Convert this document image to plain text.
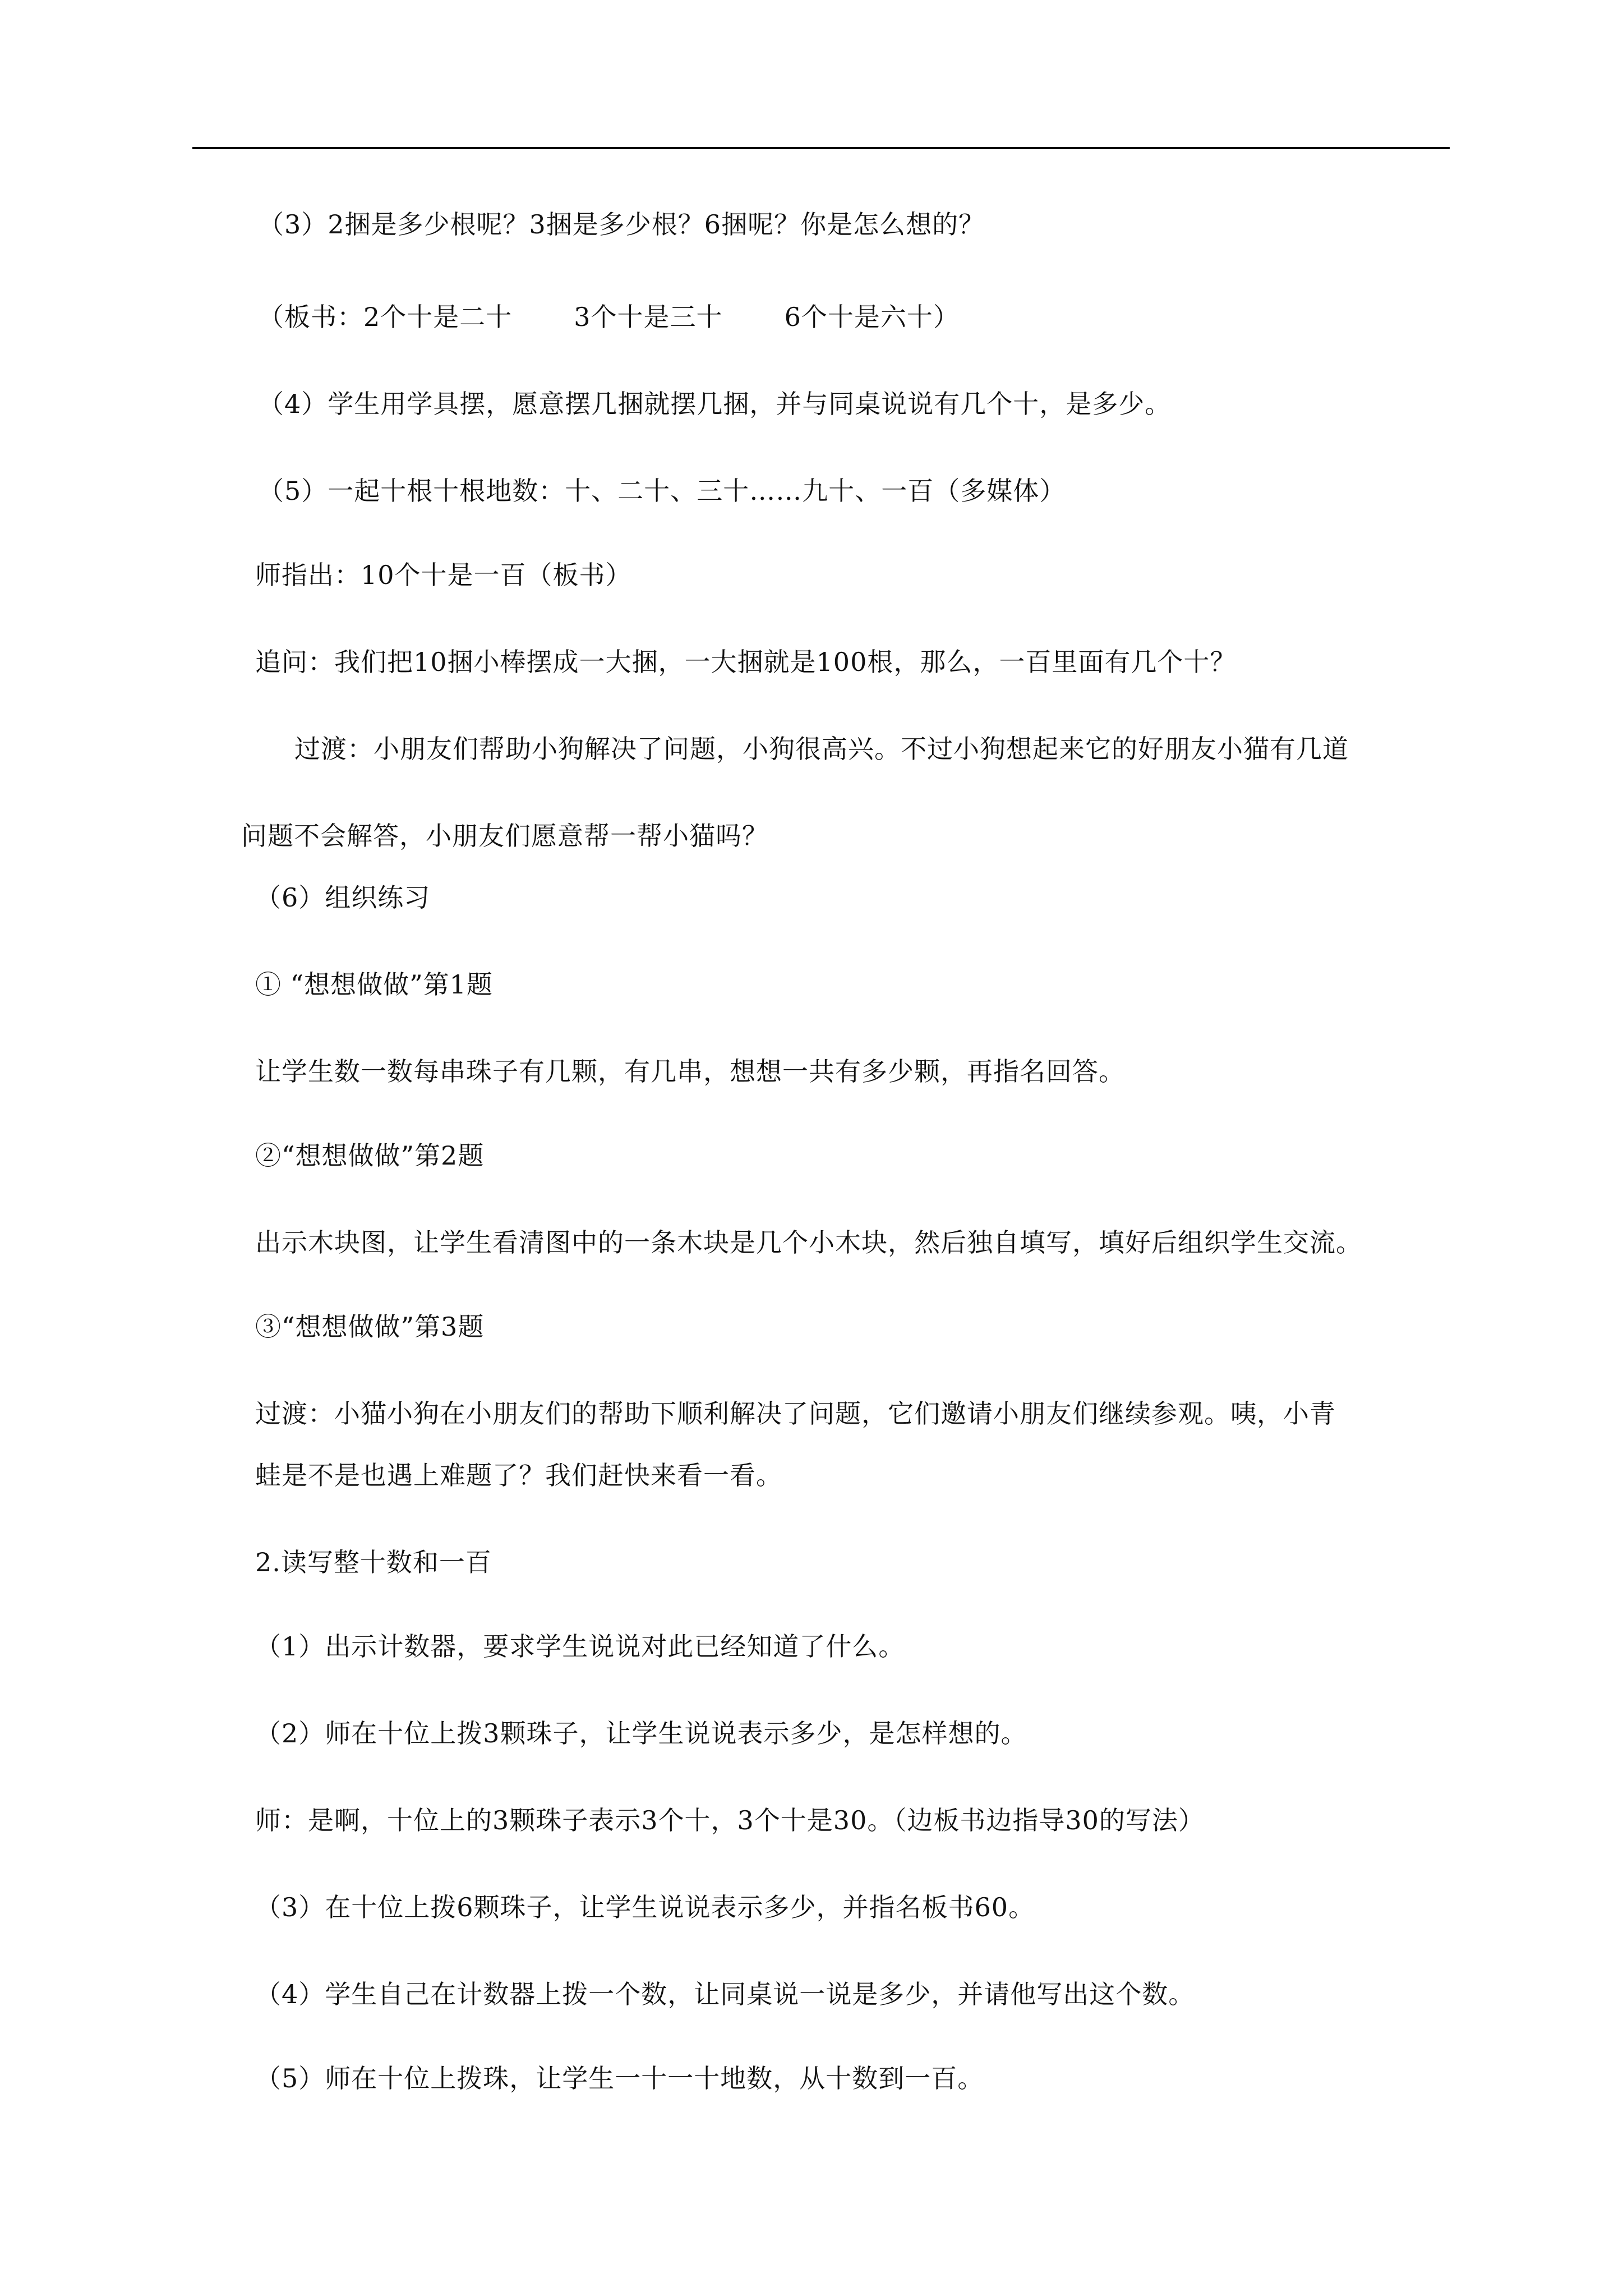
（3）2捆是多少根呢？3捆是多少根？6捆呢？你是怎么想的？
（板书：2个十是二十 3个十是三十 6个十是六十）
（4）学生用学具摆，愿意摆几捆就摆几捆，并与同桌说说有几个十，是多少。
（5）一起十根十根地数：十、二十、三十……九十、一百（多媒体）
师指出：10个十是一百（板书）
追问：我们把10捆小棒摆成一大捆，一大捆就是100根，那么，一百里面有几个十？
过渡：小朋友们帮助小狗解决了问题，小狗很高兴。不过小狗想起来它的好朋友小猫有几道
问题不会解答，小朋友们愿意帮一帮小猫吗？
（6）组织练习
① “想想做做”第1题
让学生数一数每串珠子有几颗，有几串，想想一共有多少颗，再指名回答。
②“想想做做”第2题
出示木块图，让学生看清图中的一条木块是几个小木块，然后独自填写，填好后组织学生交流。
③“想想做做”第3题
过渡：小猫小狗在小朋友们的帮助下顺利解决了问题，它们邀请小朋友们继续参观。咦，小青
蛙是不是也遇上难题了？我们赶快来看一看。
2.读写整十数和一百
（1）出示计数器，要求学生说说对此已经知道了什么。
（2）师在十位上拨3颗珠子，让学生说说表示多少，是怎样想的。
师：是啊，十位上的3颗珠子表示3个十，3个十是30。（边板书边指导30的写法）
（3）在十位上拨6颗珠子，让学生说说表示多少，并指名板书60。
（4）学生自己在计数器上拨一个数，让同桌说一说是多少，并请他写出这个数。
（5）师在十位上拨珠，让学生一十一十地数，从十数到一百。
